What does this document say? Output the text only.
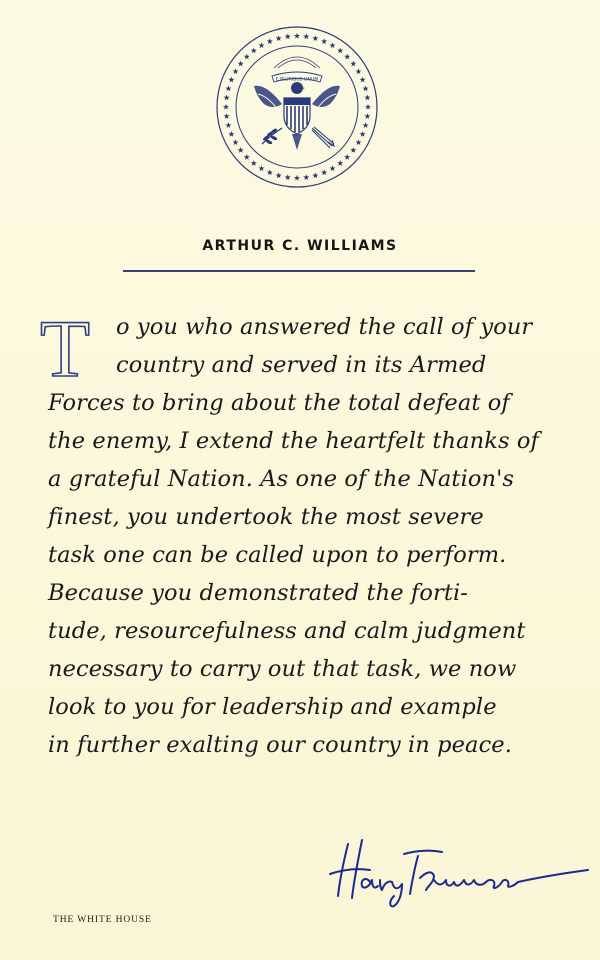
E PLURIBUS UNUM
ARTHUR C. WILLIAMS
T o you who answered the call of your
country and served in its Armed
Forces to bring about the total defeat of
the enemy, I extend the heartfelt thanks of
a grateful Nation. As one of the Nation's
finest, you undertook the most severe
task one can be called upon to perform.
Because you demonstrated the forti-
tude, resourcefulness and calm judgment
necessary to carry out that task, we now
look to you for leadership and example
in further exalting our country in peace.
THE WHITE HOUSE
